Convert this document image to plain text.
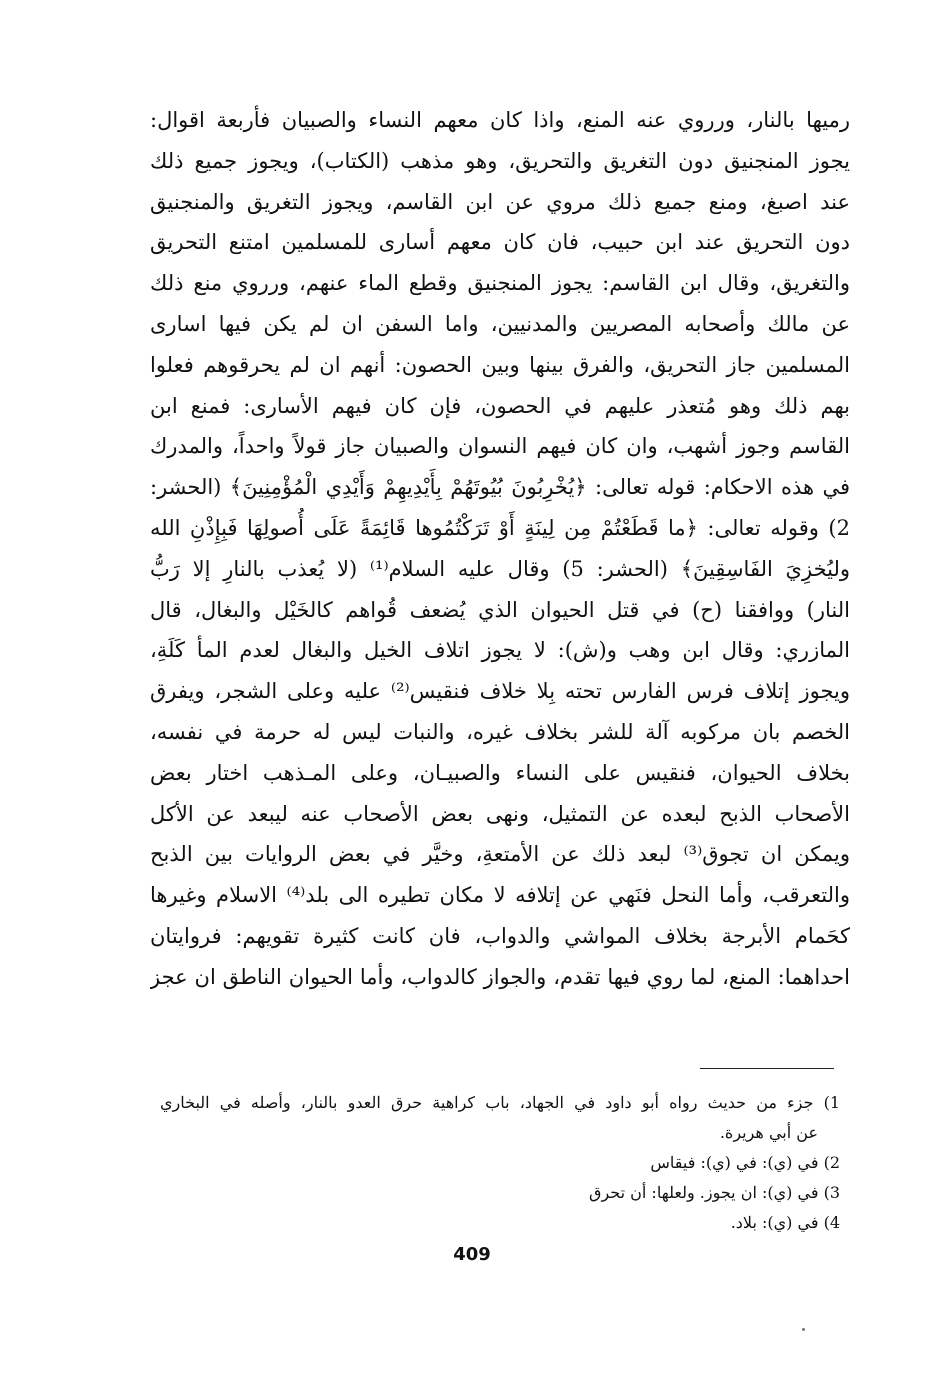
رميها بالنار، ورروي عنه المنع، واذا كان معهم النساء والصبيان فأربعة اقوال:
يجوز المنجنيق دون التغريق والتحريق، وهو مذهب (الكتاب)، ويجوز جميع ذلك
عند اصبغ، ومنع جميع ذلك مروي عن ابن القاسم، ويجوز التغريق والمنجنيق
دون التحريق عند ابن حبيب، فان كان معهم أسارى للمسلمين امتنع التحريق
والتغريق، وقال ابن القاسم: يجوز المنجنيق وقطع الماء عنهم، ورروي منع ذلك
عن مالك وأصحابه المصريين والمدنيين، واما السفن ان لم يكن فيها اسارى
المسلمين جاز التحريق، والفرق بينها وبين الحصون: أنهم ان لم يحرقوهم فعلوا
بهم ذلك وهو مُتعذر عليهم في الحصون، فإن كان فيهم الأسارى: فمنع ابن
القاسم وجوز أشهب، وان كان فيهم النسوان والصبيان جاز قولاً واحداً، والمدرك
في هذه الاحكام: قوله تعالى: ﴿يُخْرِبُونَ بُيُوتَهُمْ بِأَيْدِيهِمْ وَأَيْدِي الْمُؤْمِنِينَ﴾ (الحشر:
2) وقوله تعالى: ﴿ما قَطَعْتُمْ مِن لِينَةٍ أَوْ تَرَكْتُمُوها قَائِمَةً عَلَى أُصولِهَا فَبِإِذْنِ الله
وليُخزِيَ الفَاسِقِينَ﴾ (الحشر: 5) وقال عليه السلام⁽¹⁾ (لا يُعذب بالنارِ إلا رَبُّ
النار) ووافقنا (ح) في قتل الحيوان الذي يُضعف قُواهم كالخَيْل والبغال، قال
المازري: وقال ابن وهب و(ش): لا يجوز اتلاف الخيل والبغال لعدم المأ كَلَةِ،
ويجوز إتلاف فرس الفارس تحته بِلا خلاف فنقيس⁽²⁾ عليه وعلى الشجر، ويفرق
الخصم بان مركوبه آلة للشر بخلاف غيره، والنبات ليس له حرمة في نفسه،
بخلاف الحيوان، فنقيس على النساء والصبيـان، وعلى المـذهب اختار بعض
الأصحاب الذبح لبعده عن التمثيل، ونهى بعض الأصحاب عنه ليبعد عن الأكل
ويمكن ان تجوق⁽³⁾ لبعد ذلك عن الأمتعةِ، وخيَّر في بعض الروايات بين الذبح
والتعرقب، وأما النحل فنَهي عن إتلافه لا مكان تطيره الى بلد⁽⁴⁾ الاسلام وغيرها
كحَمام الأبرجة بخلاف المواشي والدواب، فان كانت كثيرة تقويهم: فروايتان
احداهما: المنع، لما روي فيها تقدم، والجواز كالدواب، وأما الحيوان الناطق ان عجز
1) جزء من حديث رواه أبو داود في الجهاد، باب كراهية حرق العدو بالنار، وأصله في البخاري
عن أبي هريرة.
2) في (ي): في (ي): فيقاس
3) في (ي): ان يجوز. ولعلها: أن تحرق
4) في (ي): بلاد.
409
